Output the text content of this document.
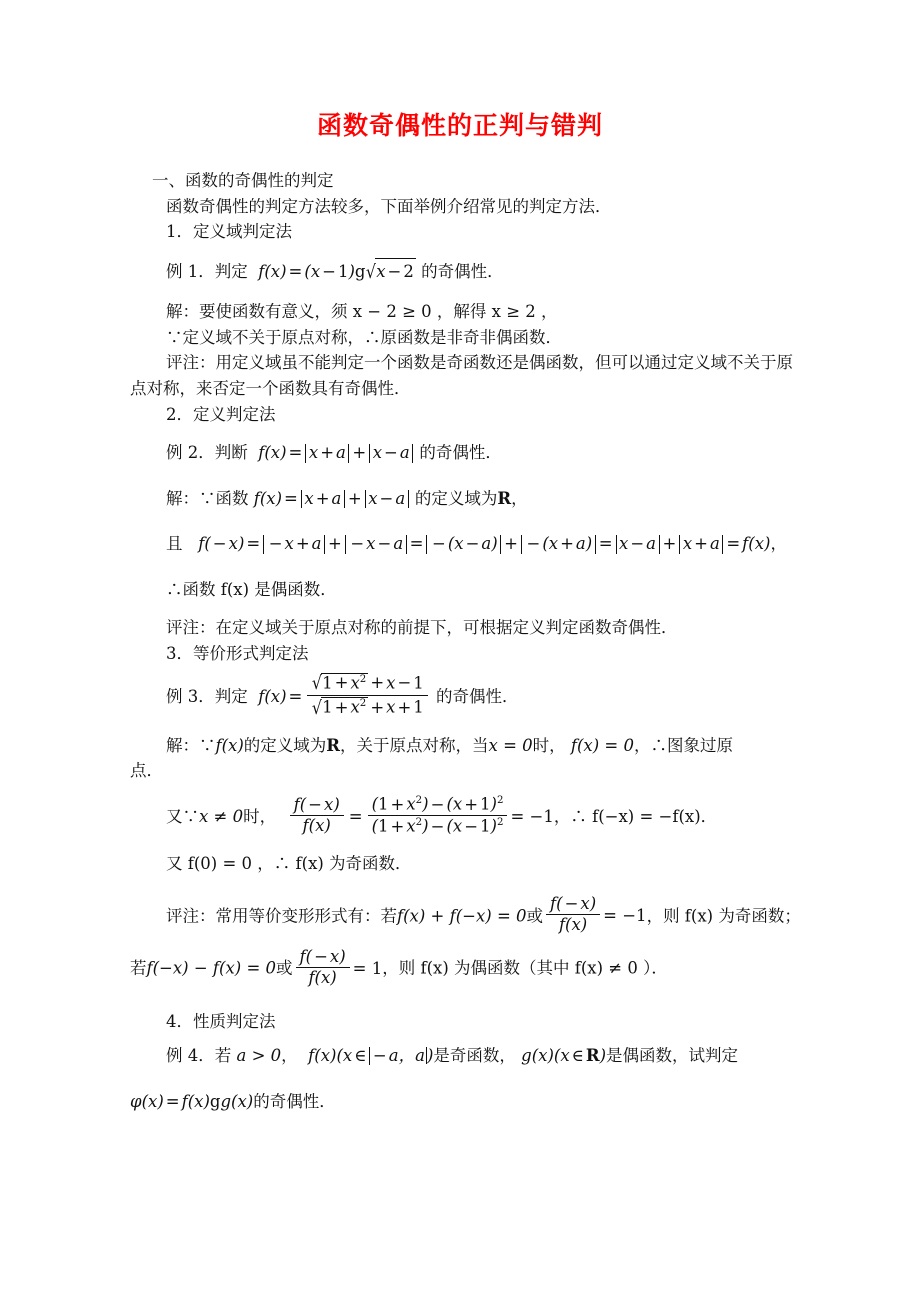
函数奇偶性的正判与错判
一、函数的奇偶性的判定
函数奇偶性的判定方法较多，下面举例介绍常见的判定方法．
1．定义域判定法
例 1．判定 f(x) = (x − 1)g√x − 2 的奇偶性．
解：要使函数有意义，须 x − 2 ≥ 0 ，解得 x ≥ 2 ，
∵定义域不关于原点对称，∴原函数是非奇非偶函数．
评注：用定义域虽不能判定一个函数是奇函数还是偶函数，但可以通过定义域不关于原
点对称，来否定一个函数具有奇偶性．
2．定义判定法
例 2．判断 f(x) = x + a + x − a 的奇偶性．
解：∵函数 f(x) = x + a + x − a 的定义域为R，
且 f( − x) = − x + a + − x − a = − (x − a) + − (x + a) = x − a + x + a = f(x)，
∴函数 f(x) 是偶函数．
评注：在定义域关于原点对称的前提下，可根据定义判定函数奇偶性．
3．等价形式判定法
例 3．判定 $f(x) = \frac{√1 + x^2 + x - 1}{√1 + x^2 + x + 1}$ 的奇偶性．
解：∵f(x)的定义域为R，关于原点对称，当x = 0时， f(x) = 0，∴图象过原
点．
又∵x ≠ 0时， $\frac{f( - x)}{f(x)} = \frac{(1 + x^2) - (x + 1)^2}{(1 + x^2) - (x - 1)^2} = -1$，∴ f(−x) = −f(x)．
又 f(0) = 0 ，∴ f(x) 为奇函数．
评注：常用等价变形形式有：若f(x) + f(−x) = 0或 $\frac{f( - x)}{f(x)} = -1$，则 f(x) 为奇函数；
若f(−x) − f(x) = 0或 $\frac{f( - x)}{f(x)} = 1$，则 f(x) 为偶函数（其中 f(x) ≠ 0 ）．
4．性质判定法
例 4．若 a > 0， f(x)(x ∈ − a，a )是奇函数， g(x)(x ∈ R)是偶函数，试判定
φ(x) = f(x)gg(x)的奇偶性．
